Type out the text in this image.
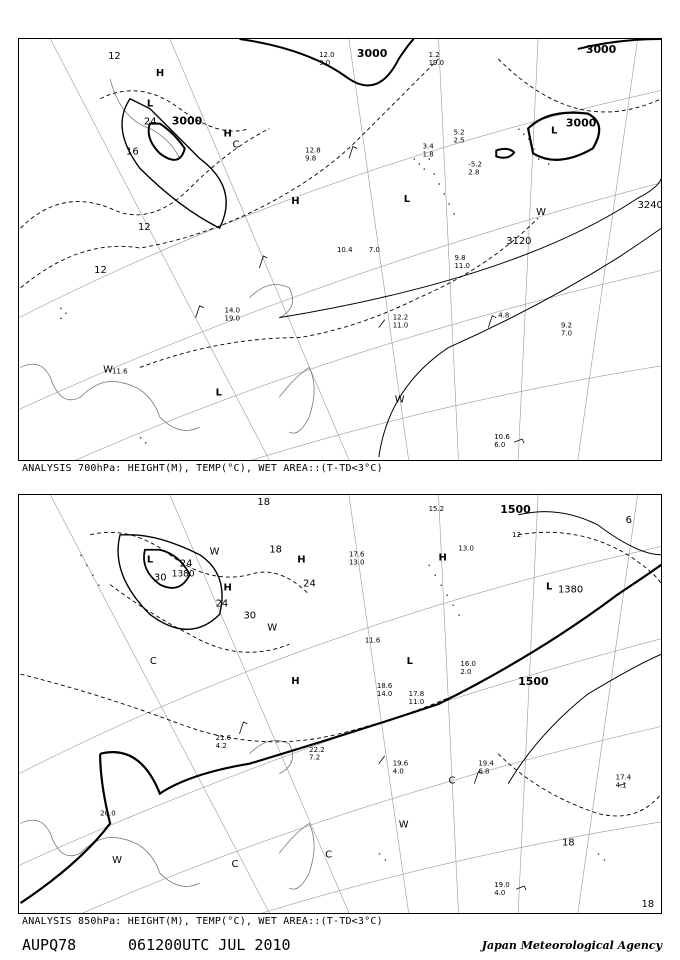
3000
3000	3000
3000
3120
3240
12
12
12
16
24
H
H
H
L
L
L
L
W
W
W
C
1.2
19.0
12.0
9.0
5.2
2.5
-5.2
2.8
3.4
1.8
12.8
9.8
10.4
9.8
11.0
7.0
4.8
9.2
7.0
11.6
10.6
6.0
14.0
19.0	12.2
11.0
ANALYSIS 700hPa: HEIGHT(M), TEMP(°C), WET AREA::(T-TD<3°C)
1500
1500
1380
1380
18
18
24
24
24
30
30
6
18
18
H
H
H
H
L
L
L
W
W
W
W
C
C
C
C
15.2
13.0
12
17.6
13.0
11.6
16.0
2.0
17.8
11.0
18.6
14.0
19.4
6.8
17.4
4.1
19.0
4.0
19.6
4.0
22.2
7.2
21.6
4.2
20.0
ANALYSIS 850hPa: HEIGHT(M), TEMP(°C), WET AREA::(T-TD<3°C)
AUPQ78	061200UTC JUL 2010	Japan Meteorological Agency
